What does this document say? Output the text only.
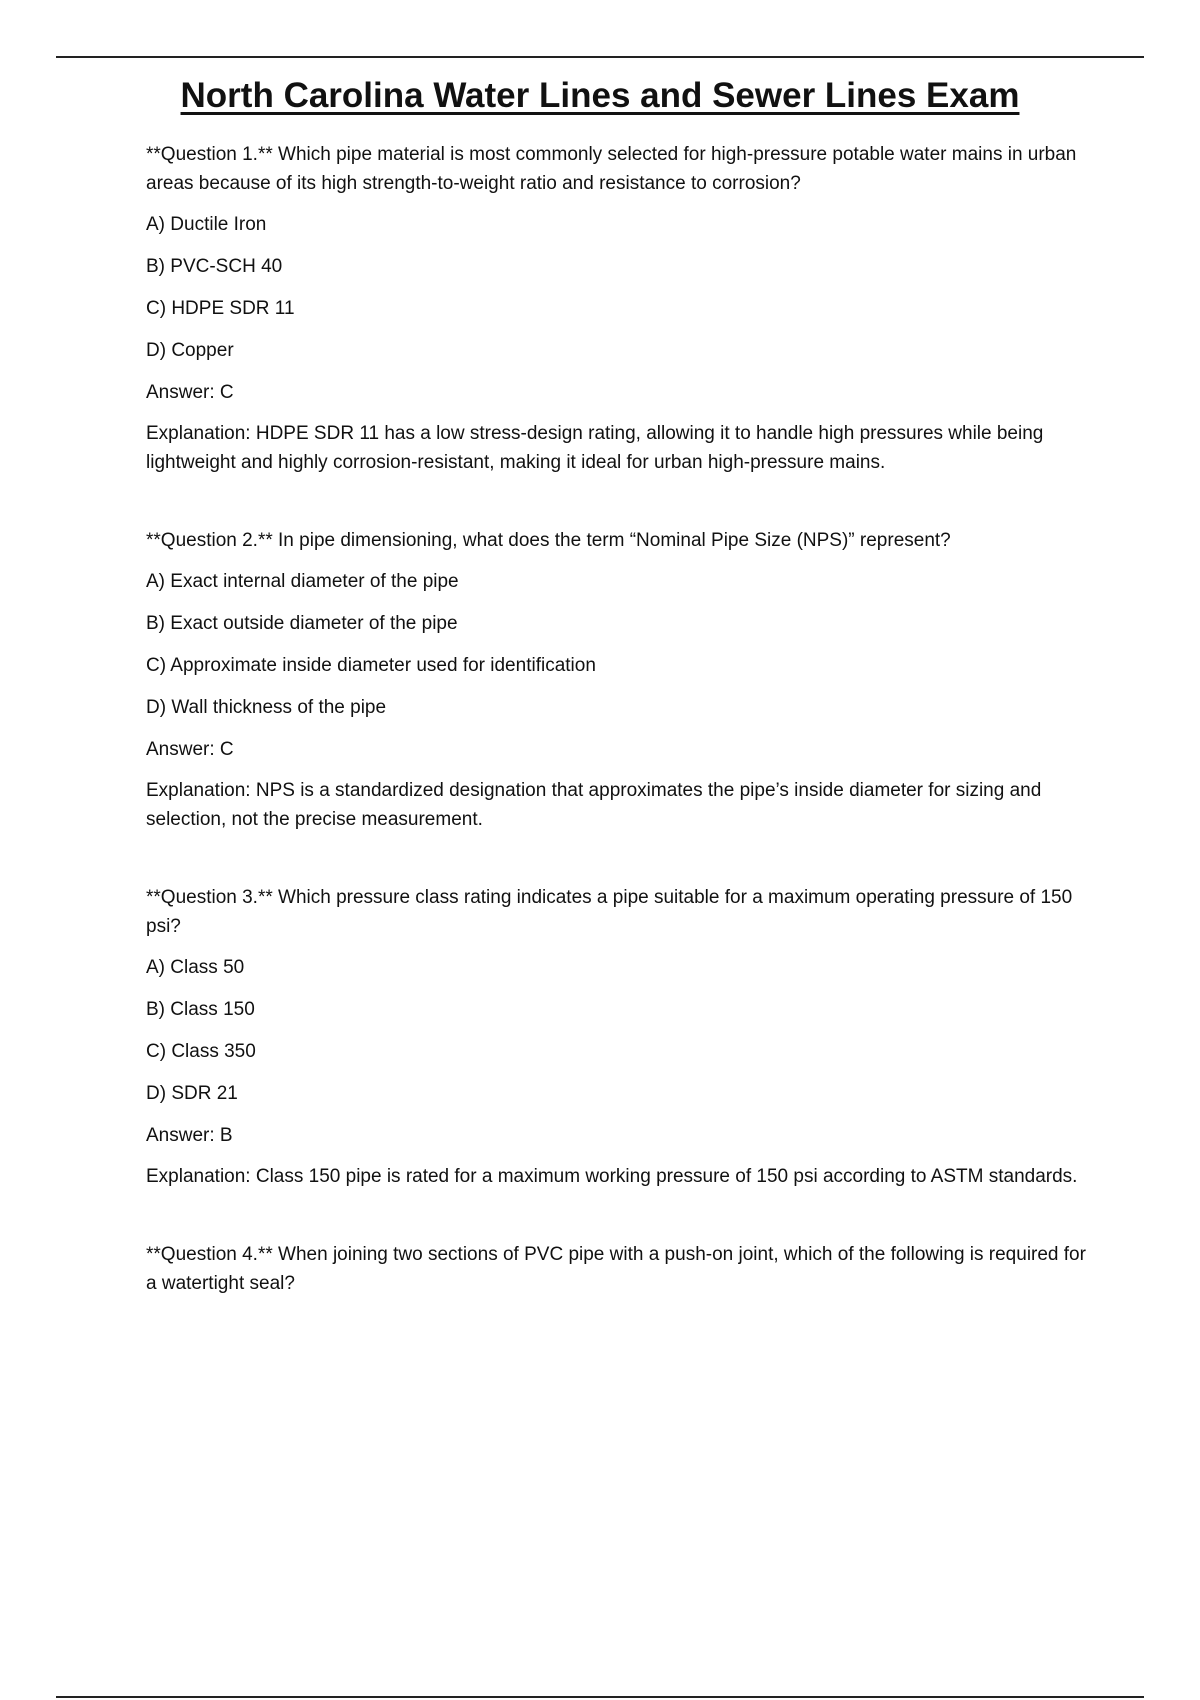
North Carolina Water Lines and Sewer Lines Exam

**Question 1.** Which pipe material is most commonly selected for high-pressure potable water mains in urban areas because of its high strength-to-weight ratio and resistance to corrosion?

A) Ductile Iron

B) PVC-SCH 40

C) HDPE SDR 11

D) Copper

Answer: C

Explanation: HDPE SDR 11 has a low stress-design rating, allowing it to handle high pressures while being lightweight and highly corrosion-resistant, making it ideal for urban high-pressure mains.

**Question 2.** In pipe dimensioning, what does the term “Nominal Pipe Size (NPS)” represent?

A) Exact internal diameter of the pipe

B) Exact outside diameter of the pipe

C) Approximate inside diameter used for identification

D) Wall thickness of the pipe

Answer: C

Explanation: NPS is a standardized designation that approximates the pipe’s inside diameter for sizing and selection, not the precise measurement.

**Question 3.** Which pressure class rating indicates a pipe suitable for a maximum operating pressure of 150 psi?

A) Class 50

B) Class 150

C) Class 350

D) SDR 21

Answer: B

Explanation: Class 150 pipe is rated for a maximum working pressure of 150 psi according to ASTM standards.

**Question 4.** When joining two sections of PVC pipe with a push-on joint, which of the following is required for a watertight seal?
